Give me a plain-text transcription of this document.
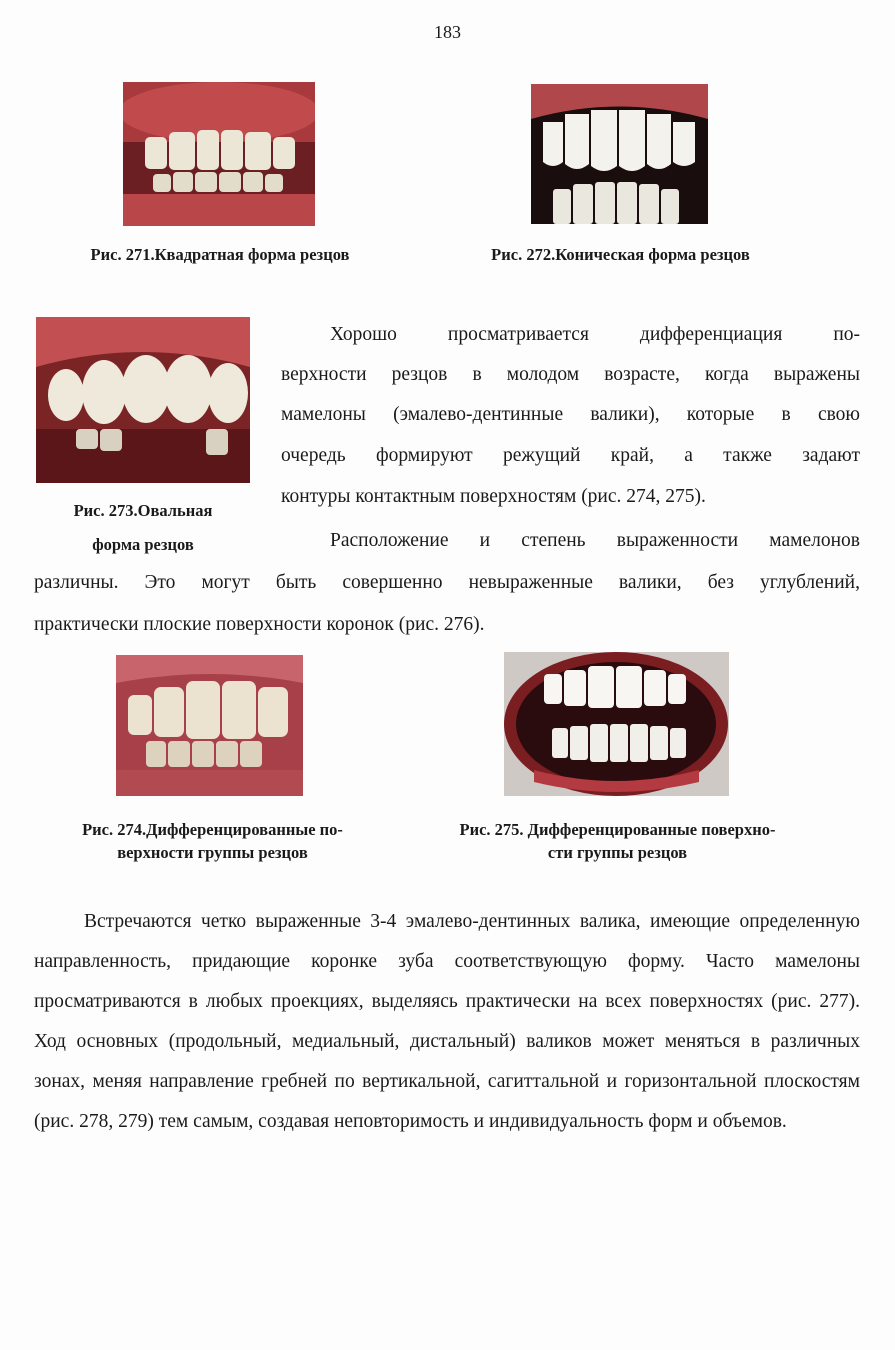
183
Рис. 271.Квадратная форма резцов	Рис. 272.Коническая форма резцов
Рис. 273.Овальная
форма резцов
Хорошо просматривается дифференциация по-
верхности резцов в молодом возрасте, когда выражены
мамелоны (эмалево-дентинные валики), которые в свою
очередь формируют режущий край, а также задают
контуры контактным поверхностям (рис. 274, 275).
Расположение и степень выраженности мамелонов
различны. Это могут быть совершенно невыраженные валики, без углублений,
практически плоские поверхности коронок (рис. 276).
Рис. 274.Дифференцированные по-
верхности группы резцов
Рис. 275. Дифференцированные поверхно-
сти группы резцов

Встречаются четко выраженные 3-4 эмалево-дентинных валика, имеющие определенную направленность, придающие коронке зуба соответствующую форму. Часто мамелоны просматриваются в любых проекциях, выделяясь практически на всех поверхностях (рис. 277). Ход основных (продольный, медиальный, дистальный) валиков может меняться в различных зонах, меняя направление гребней по вертикальной, сагиттальной и горизонтальной плоскостям (рис. 278, 279) тем самым, создавая неповторимость и индивидуальность форм и объемов.
